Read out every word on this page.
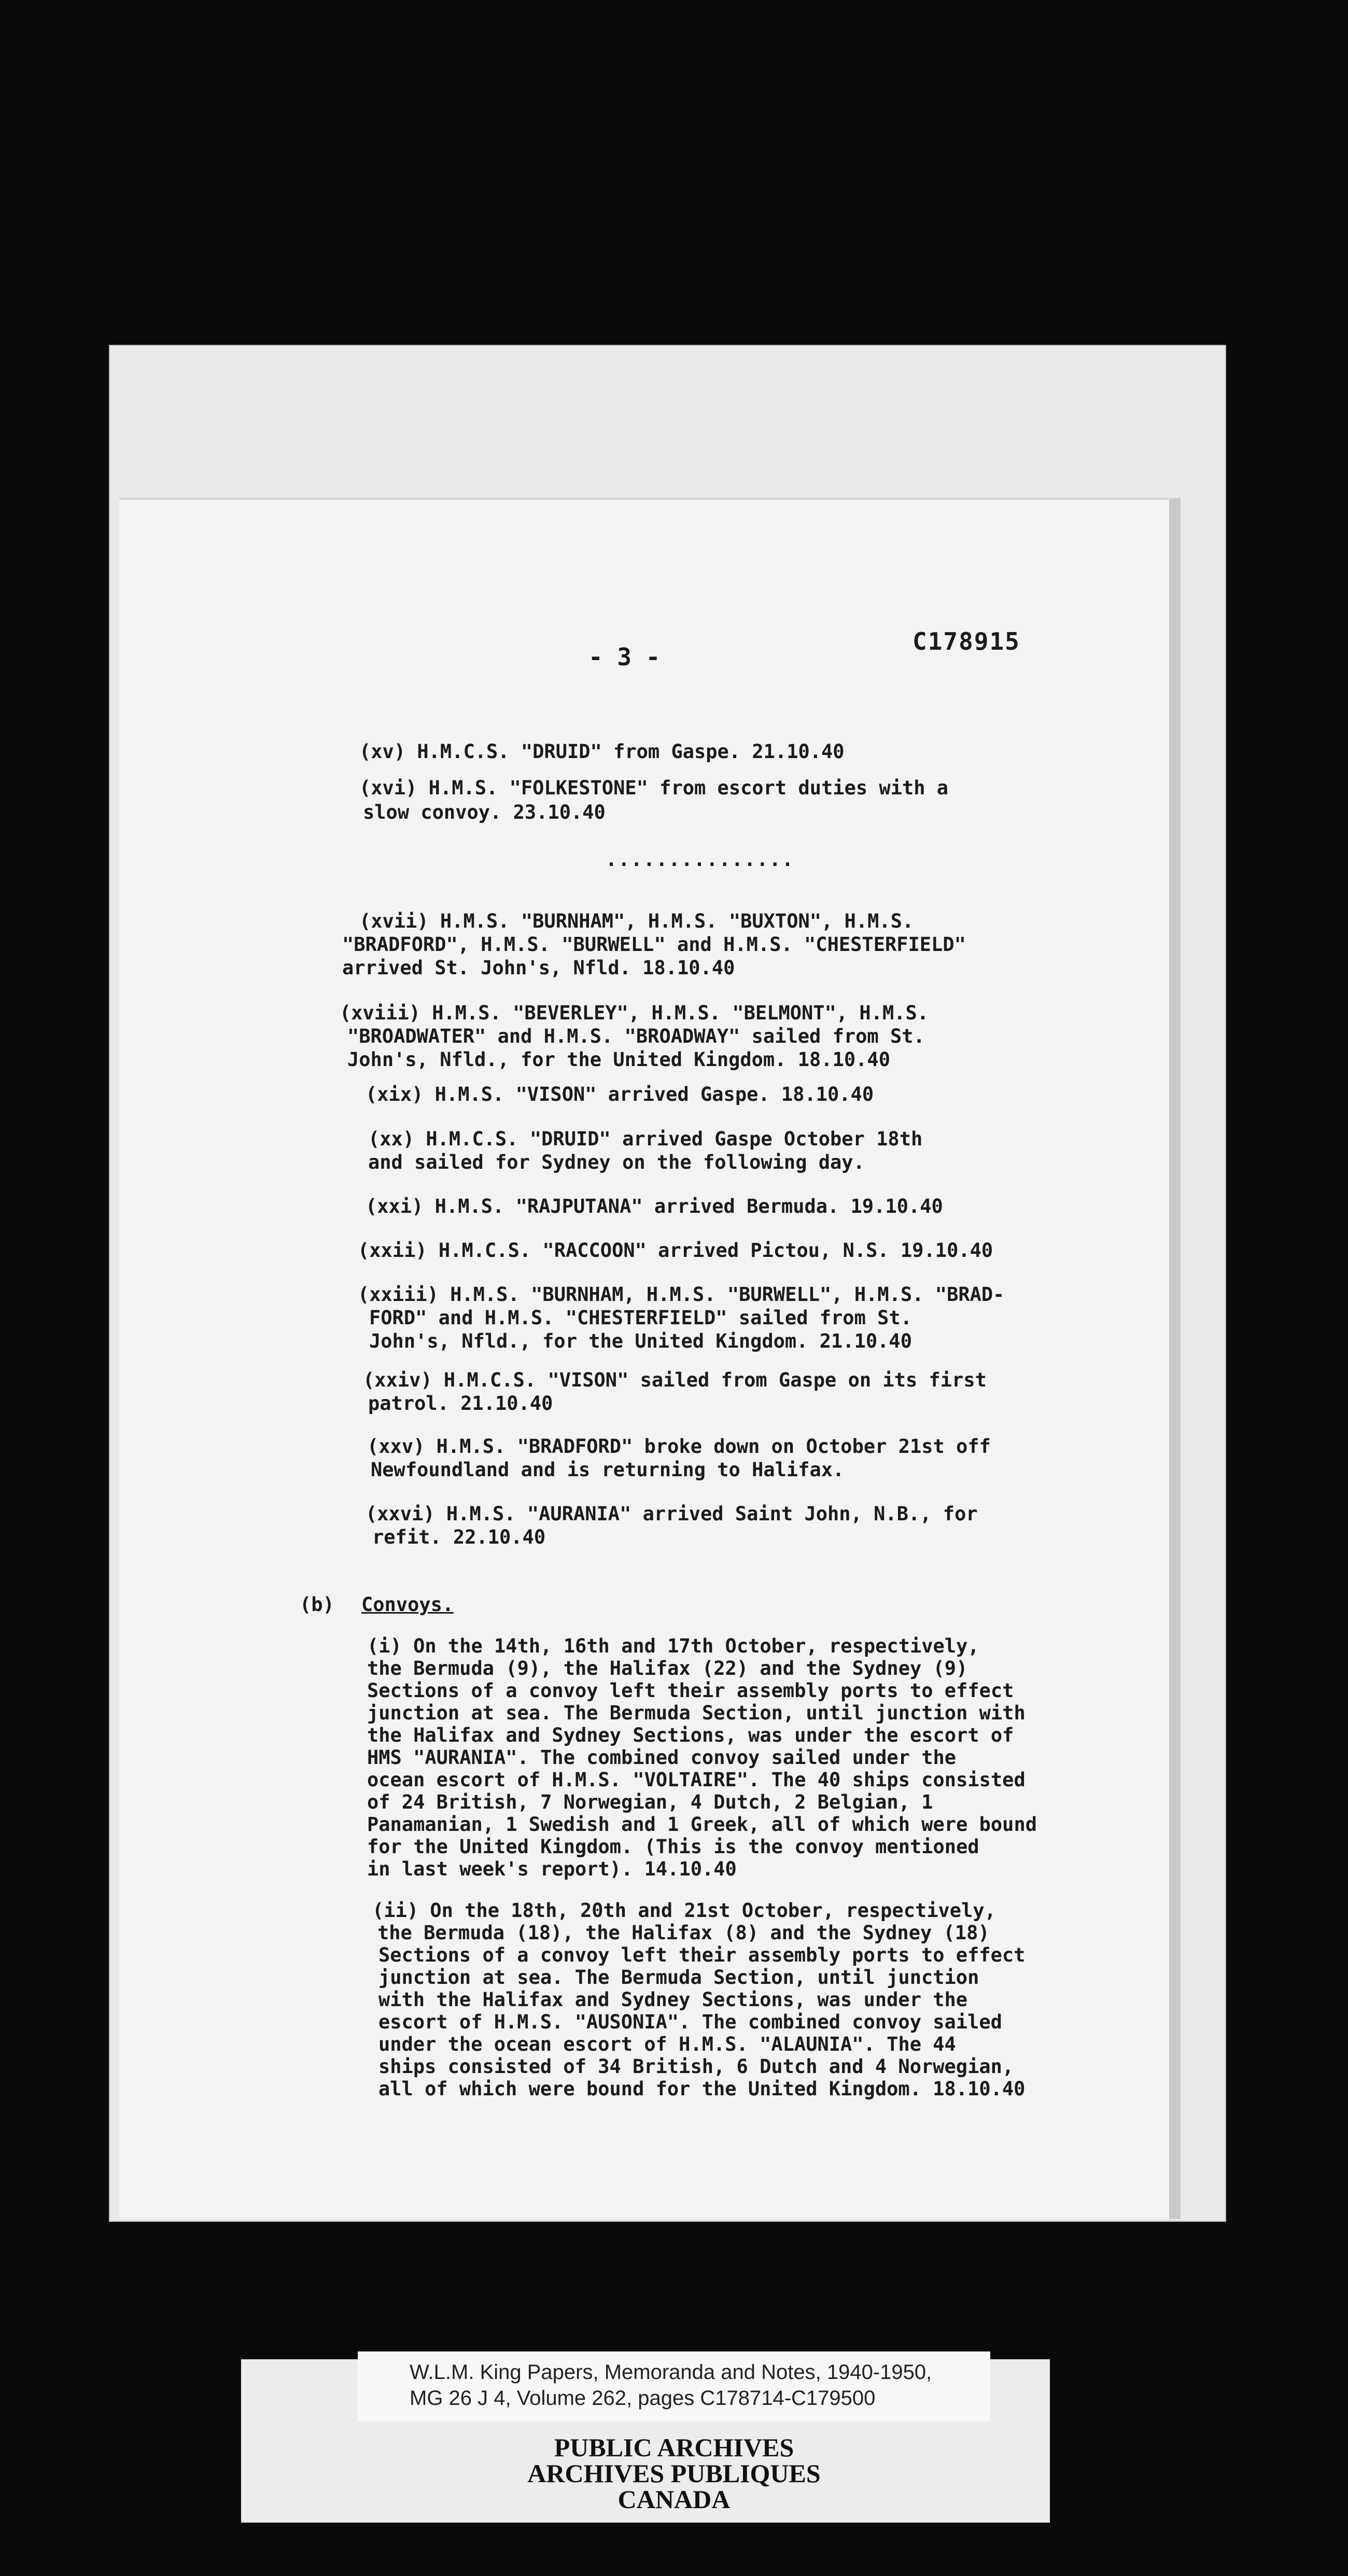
- 3 -

C178915

(xv) H.M.C.S. "DRUID" from Gaspe. 21.10.40

(xvi) H.M.S. "FOLKESTONE" from escort duties with a

slow convoy. 23.10.40

...............

(xvii) H.M.S. "BURNHAM", H.M.S. "BUXTON", H.M.S.

"BRADFORD", H.M.S. "BURWELL" and H.M.S. "CHESTERFIELD"

arrived St. John's, Nfld. 18.10.40

(xviii) H.M.S. "BEVERLEY", H.M.S. "BELMONT", H.M.S.

"BROADWATER" and H.M.S. "BROADWAY" sailed from St.

John's, Nfld., for the United Kingdom. 18.10.40

(xix) H.M.S. "VISON" arrived Gaspe. 18.10.40

(xx) H.M.C.S. "DRUID" arrived Gaspe October 18th

and sailed for Sydney on the following day.

(xxi) H.M.S. "RAJPUTANA" arrived Bermuda. 19.10.40

(xxii) H.M.C.S. "RACCOON" arrived Pictou, N.S. 19.10.40

(xxiii) H.M.S. "BURNHAM, H.M.S. "BURWELL", H.M.S. "BRAD-

FORD" and H.M.S. "CHESTERFIELD" sailed from St.

John's, Nfld., for the United Kingdom. 21.10.40

(xxiv) H.M.C.S. "VISON" sailed from Gaspe on its first

patrol. 21.10.40

(xxv) H.M.S. "BRADFORD" broke down on October 21st off

Newfoundland and is returning to Halifax.

(xxvi) H.M.S. "AURANIA" arrived Saint John, N.B., for

refit. 22.10.40

(b) Convoys.

(i) On the 14th, 16th and 17th October, respectively,

the Bermuda (9), the Halifax (22) and the Sydney (9)

Sections of a convoy left their assembly ports to effect

junction at sea. The Bermuda Section, until junction with

the Halifax and Sydney Sections, was under the escort of

HMS "AURANIA". The combined convoy sailed under the

ocean escort of H.M.S. "VOLTAIRE". The 40 ships consisted

of 24 British, 7 Norwegian, 4 Dutch, 2 Belgian, 1

Panamanian, 1 Swedish and 1 Greek, all of which were bound

for the United Kingdom. (This is the convoy mentioned

in last week's report). 14.10.40

(ii) On the 18th, 20th and 21st October, respectively,

the Bermuda (18), the Halifax (8) and the Sydney (18)

Sections of a convoy left their assembly ports to effect

junction at sea. The Bermuda Section, until junction

with the Halifax and Sydney Sections, was under the

escort of H.M.S. "AUSONIA". The combined convoy sailed

under the ocean escort of H.M.S. "ALAUNIA". The 44

ships consisted of 34 British, 6 Dutch and 4 Norwegian,

all of which were bound for the United Kingdom. 18.10.40

W.L.M. King Papers, Memoranda and Notes, 1940-1950,

MG 26 J 4, Volume 262, pages C178714-C179500

PUBLIC ARCHIVES

ARCHIVES PUBLIQUES

CANADA
